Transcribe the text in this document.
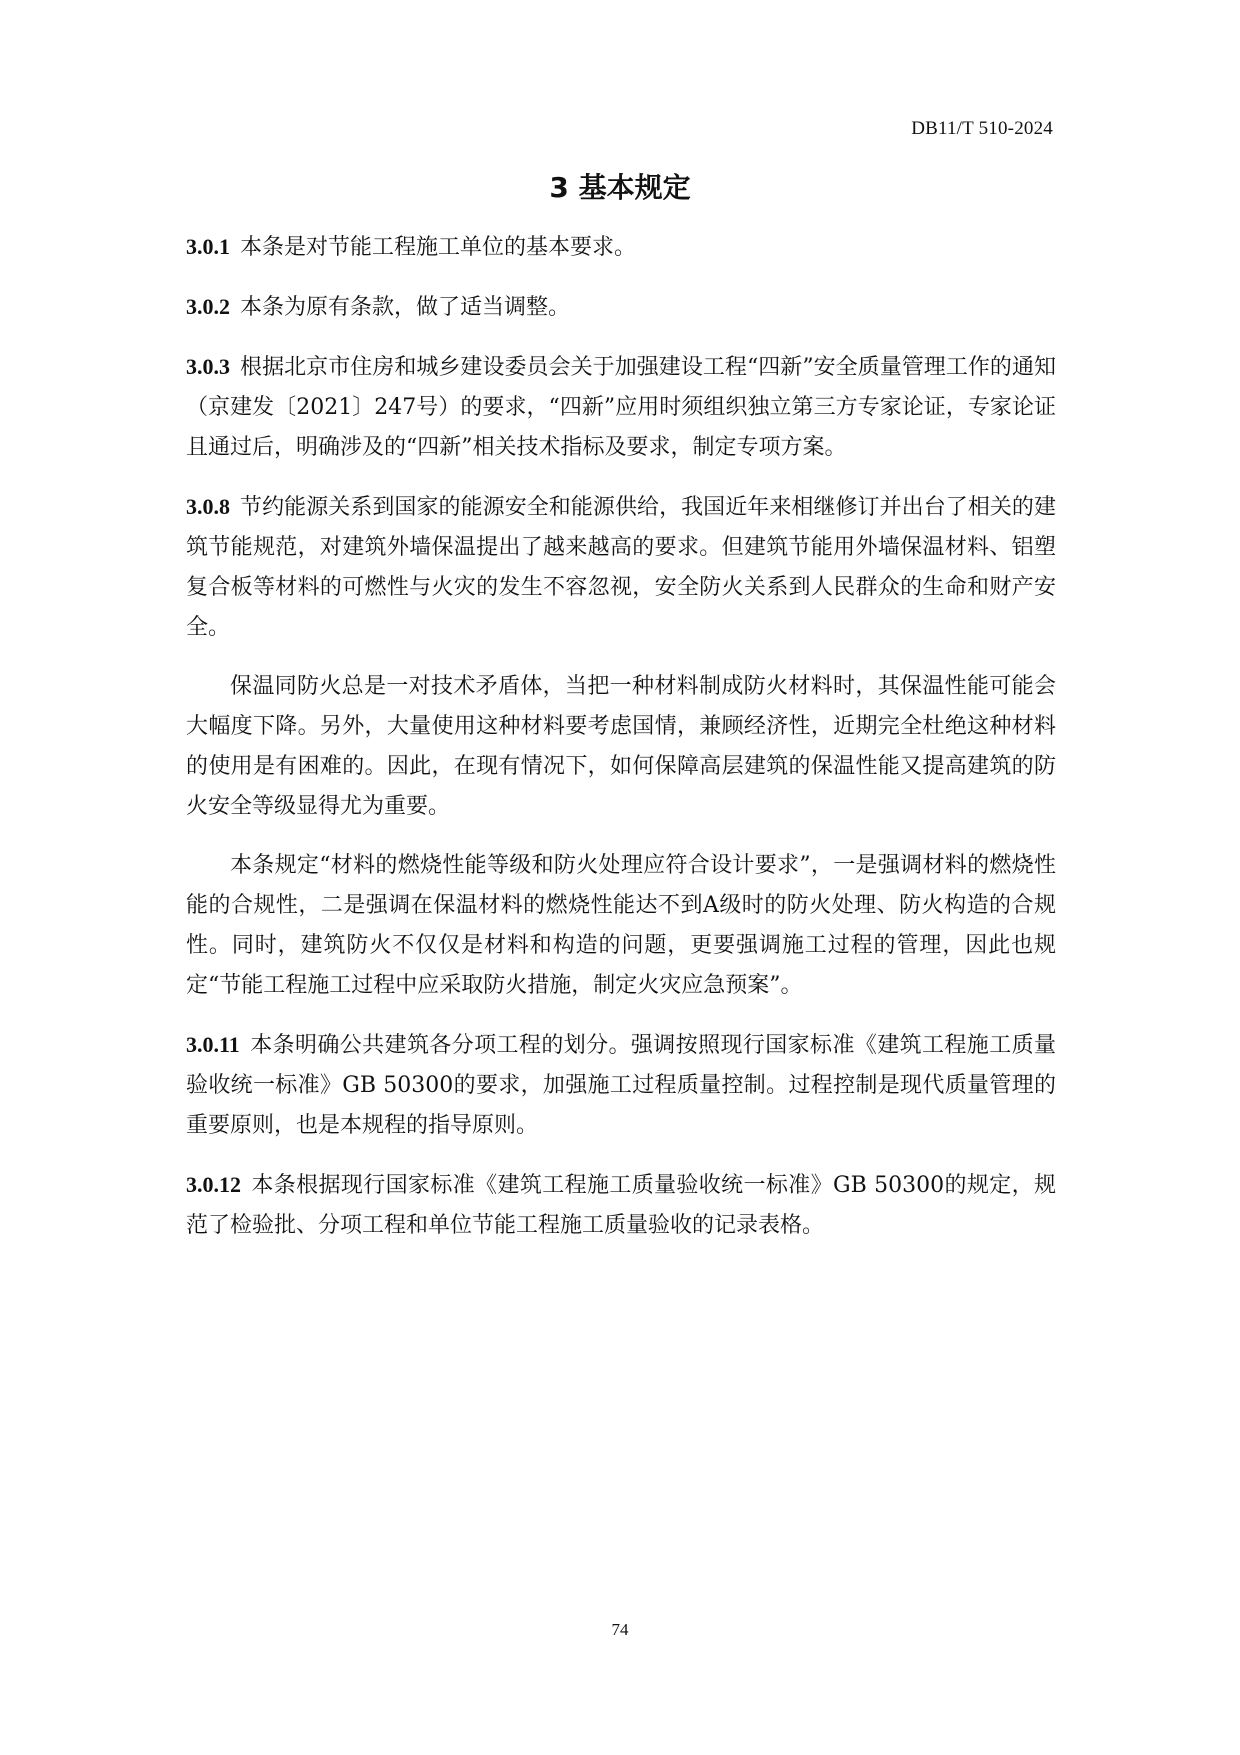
DB11/T 510-2024
3 基本规定

3.0.1 本条是对节能工程施工单位的基本要求。

3.0.2 本条为原有条款，做了适当调整。

3.0.3 根据北京市住房和城乡建设委员会关于加强建设工程“四新”安全质量管理工作的通知（京建发〔2021〕247号）的要求，“四新”应用时须组织独立第三方专家论证，专家论证且通过后，明确涉及的“四新”相关技术指标及要求，制定专项方案。

3.0.8 节约能源关系到国家的能源安全和能源供给，我国近年来相继修订并出台了相关的建筑节能规范，对建筑外墙保温提出了越来越高的要求。但建筑节能用外墙保温材料、铝塑复合板等材料的可燃性与火灾的发生不容忽视，安全防火关系到人民群众的生命和财产安全。

保温同防火总是一对技术矛盾体，当把一种材料制成防火材料时，其保温性能可能会大幅度下降。另外，大量使用这种材料要考虑国情，兼顾经济性，近期完全杜绝这种材料的使用是有困难的。因此，在现有情况下，如何保障高层建筑的保温性能又提高建筑的防火安全等级显得尤为重要。

本条规定“材料的燃烧性能等级和防火处理应符合设计要求”，一是强调材料的燃烧性能的合规性，二是强调在保温材料的燃烧性能达不到A级时的防火处理、防火构造的合规性。同时，建筑防火不仅仅是材料和构造的问题，更要强调施工过程的管理，因此也规定“节能工程施工过程中应采取防火措施，制定火灾应急预案”。

3.0.11 本条明确公共建筑各分项工程的划分。强调按照现行国家标准《建筑工程施工质量验收统一标准》GB 50300的要求，加强施工过程质量控制。过程控制是现代质量管理的重要原则，也是本规程的指导原则。

3.0.12 本条根据现行国家标准《建筑工程施工质量验收统一标准》GB 50300的规定，规范了检验批、分项工程和单位节能工程施工质量验收的记录表格。

74
